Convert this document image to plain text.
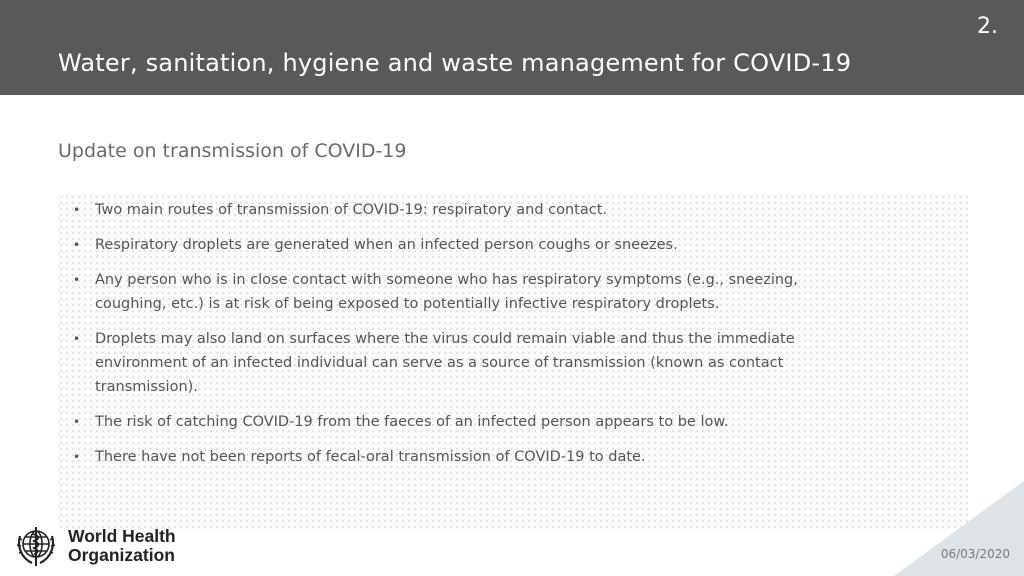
2.
Water, sanitation, hygiene and waste management for COVID-19
Update on transmission of COVID-19
• Two main routes of transmission of COVID-19: respiratory and contact.
• Respiratory droplets are generated when an infected person coughs or sneezes.
• Any person who is in close contact with someone who has respiratory symptoms (e.g., sneezing, coughing, etc.) is at risk of being exposed to potentially infective respiratory droplets.
• Droplets may also land on surfaces where the virus could remain viable and thus the immediate environment of an infected individual can serve as a source of transmission (known as contact transmission).
• The risk of catching COVID-19 from the faeces of an infected person appears to be low.
• There have not been reports of fecal-oral transmission of COVID-19 to date.
06/03/2020
World Health
Organization
